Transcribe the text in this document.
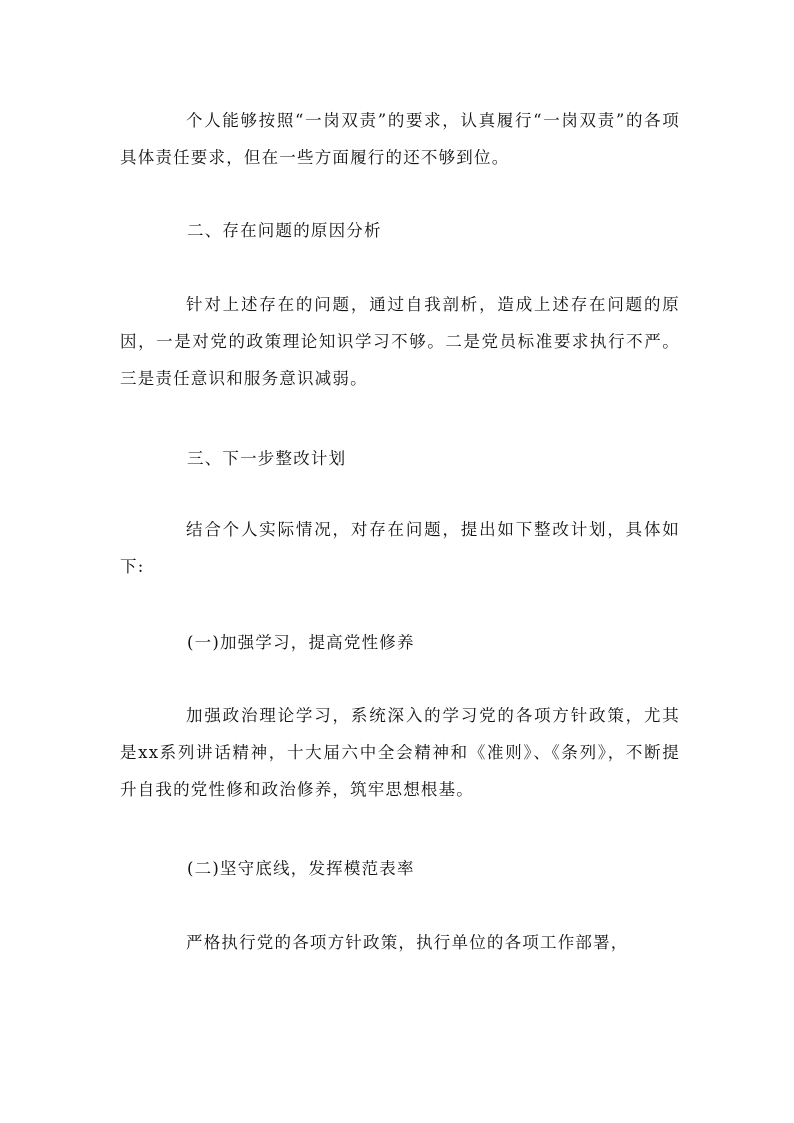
个人能够按照“一岗双责”的要求，认真履行“一岗双责”的各项具体责任要求，但在一些方面履行的还不够到位。

二、存在问题的原因分析

针对上述存在的问题，通过自我剖析，造成上述存在问题的原因，一是对党的政策理论知识学习不够。二是党员标准要求执行不严。三是责任意识和服务意识减弱。

三、下一步整改计划

结合个人实际情况，对存在问题，提出如下整改计划，具体如下:

(一)加强学习，提高党性修养

加强政治理论学习，系统深入的学习党的各项方针政策，尤其是xx系列讲话精神，十大届六中全会精神和《准则》、《条列》，不断提升自我的党性修和政治修养，筑牢思想根基。

(二)坚守底线，发挥模范表率

严格执行党的各项方针政策，执行单位的各项工作部署，
